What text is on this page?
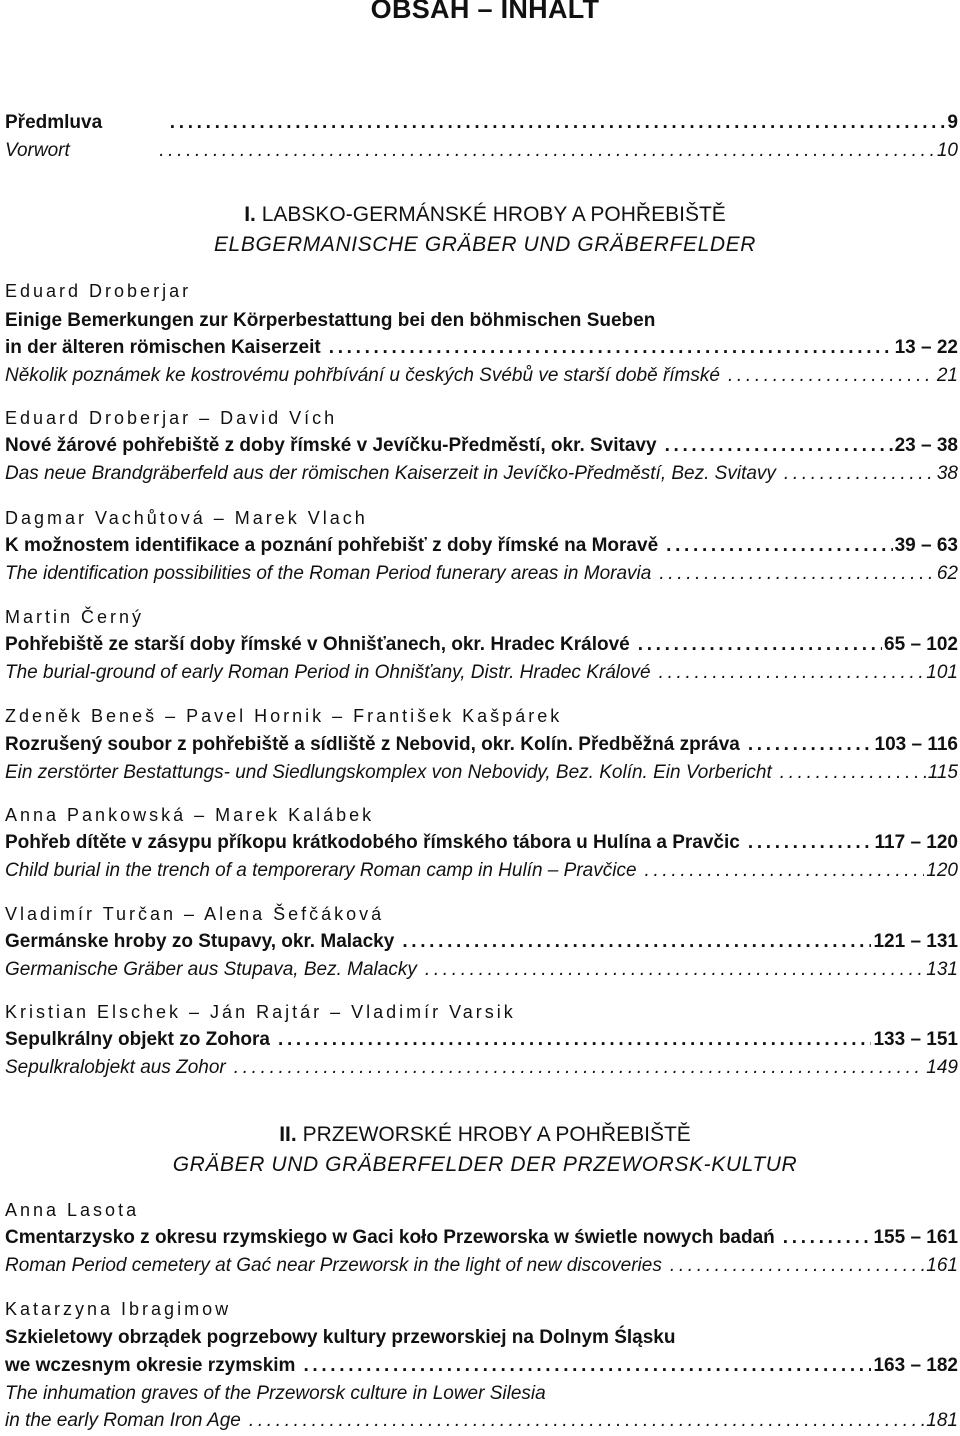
OBSAH – INHALT
Předmluva . . .	9
Vorwort . . .	10
I. LABSKO-GERMÁNSKÉ HROBY A POHŘEBIŠTĚ
ELBGERMANISCHE GRÄBER UND GRÄBERFELDER
Eduard Droberjar
Einige Bemerkungen zur Körperbestattung bei den böhmischen Sueben
in der älteren römischen Kaiserzeit . . .	13 – 22
Několik poznámek ke kostrovému pohřbívání u českých Svébů ve starší době římské . . .	21
Eduard Droberjar – David Vích
Nové žárové pohřebiště z doby římské v Jevíčku-Předměstí, okr. Svitavy . . .	23 – 38
Das neue Brandgräberfeld aus der römischen Kaiserzeit in Jevíčko-Předměstí, Bez. Svitavy . . .	38
Dagmar Vachůtová – Marek Vlach
K možnostem identifikace a poznání pohřebišť z doby římské na Moravě . . .	39 – 63
The identification possibilities of the Roman Period funerary areas in Moravia . . .	62
Martin Černý
Pohřebiště ze starší doby římské v Ohnišťanech, okr. Hradec Králové . . .	65 – 102
The burial-ground of early Roman Period in Ohnišťany, Distr. Hradec Králové . . .	101
Zdeněk Beneš – Pavel Hornik – František Kašpárek
Rozrušený soubor z pohřebiště a sídliště z Nebovid, okr. Kolín. Předběžná zpráva . . .	103 – 116
Ein zerstörter Bestattungs- und Siedlungskomplex von Nebovidy, Bez. Kolín. Ein Vorbericht . . .	115
Anna Pankowská – Marek Kalábek
Pohřeb dítěte v zásypu příkopu krátkodobého římského tábora u Hulína a Pravčic . . .	117 – 120
Child burial in the trench of a temporerary Roman camp in Hulín – Pravčice . . .	120
Vladimír Turčan – Alena Šefčáková
Germánske hroby zo Stupavy, okr. Malacky . . .	121 – 131
Germanische Gräber aus Stupava, Bez. Malacky . . .	131
Kristian Elschek – Ján Rajtár – Vladimír Varsik
Sepulkrálny objekt zo Zohora . . .	133 – 151
Sepulkralobjekt aus Zohor . . .	149
II. PRZEWORSKÉ HROBY A POHŘEBIŠTĚ
GRÄBER UND GRÄBERFELDER DER PRZEWORSK-KULTUR
Anna Lasota
Cmentarzysko z okresu rzymskiego w Gaci koło Przeworska w świetle nowych badań . . .	155 – 161
Roman Period cemetery at Gać near Przeworsk in the light of new discoveries . . .	161
Katarzyna Ibragimow
Szkieletowy obrządek pogrzebowy kultury przeworskiej na Dolnym Śląsku
we wczesnym okresie rzymskim . . .	163 – 182
The inhumation graves of the Przeworsk culture in Lower Silesia
in the early Roman Iron Age . . .	181
